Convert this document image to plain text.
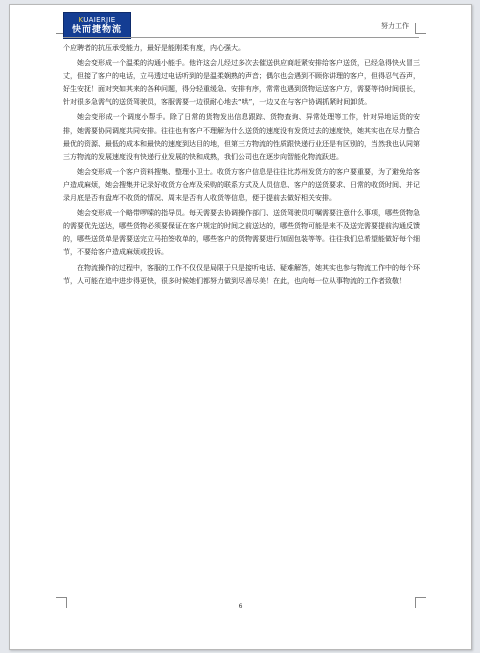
KUAIERJIE
快而捷物流	努力工作

个应聘者的抗压承受能力，最好是能刚柔有度，内心强大。

她会变形成一个温柔的沟通小能手。他许这会儿经过多次去催送供应商赶紧安排给客户送货，已经急得快火冒三丈，但接了客户的电话，立马透过电话听到的是温柔娴熟的声音；偶尔也会遇到不顾你讲理的客户，但得忍气吞声，好生安抚！面对突如其来的各种问题，得分轻重缓急、安排有序，常常也遇到货物运送客户方，需要等待时间很长，针对很多急需气的送货驾驶员，客服需要一边很耐心地去“哄”，一边又在与客户协调抓紧时间卸货。

她会变形成一个调度小帮手。除了日常的货物发出信息跟踪、货物查询、异常处理等工作，针对异地运货的安排，她需要协同调度共同安排。往往也有客户不理解为什么送货的速度没有发货过去的速度快，她其实也在尽力整合最优的资源、最低的成本和最快的速度到达目的地，但第三方物流的性质跟快递行业还是有区别的，当然我也认同第三方物流的发展速度没有快递行业发展的快和成熟，我们公司也在逐步向智能化物流跃进。

她会变形成一个客户资料搜集、整理小卫士。收货方客户信息是往往比苏州发货方的客户要重要，为了避免给客户造成麻烦，她会搜集并记录好收货方仓库及采购的联系方式及人员信息、客户的送货要求、日常的收货时间、并记录月底是否有盘库不收货的情况、周末是否有人收货等信息，便于提前去做好相关安排。

她会变形成一个略带啰嗦的指导员。每天需要去协调操作部门、送货驾驶员叮嘱需要注意什么事项，哪些货物急的需要优先送达，哪些货物必须要保证在客户规定的时间之前送达的，哪些货物可能是来不及送完需要提前沟通反馈的，哪些送货单是需要送完立马拍签收单的，哪些客户的货物需要进行加固包装等等。往往我们总希望能做好每个细节，不要给客户造成麻烦或投诉。

在物流操作的过程中，客服的工作不仅仅是局限于只是接听电话、疑难解答，她其实也参与物流工作中的每个环节，人可能在追中进步得更快，很多时候她们都努力做到尽善尽美！在此，也向每一位从事物流的工作者致敬！

6
